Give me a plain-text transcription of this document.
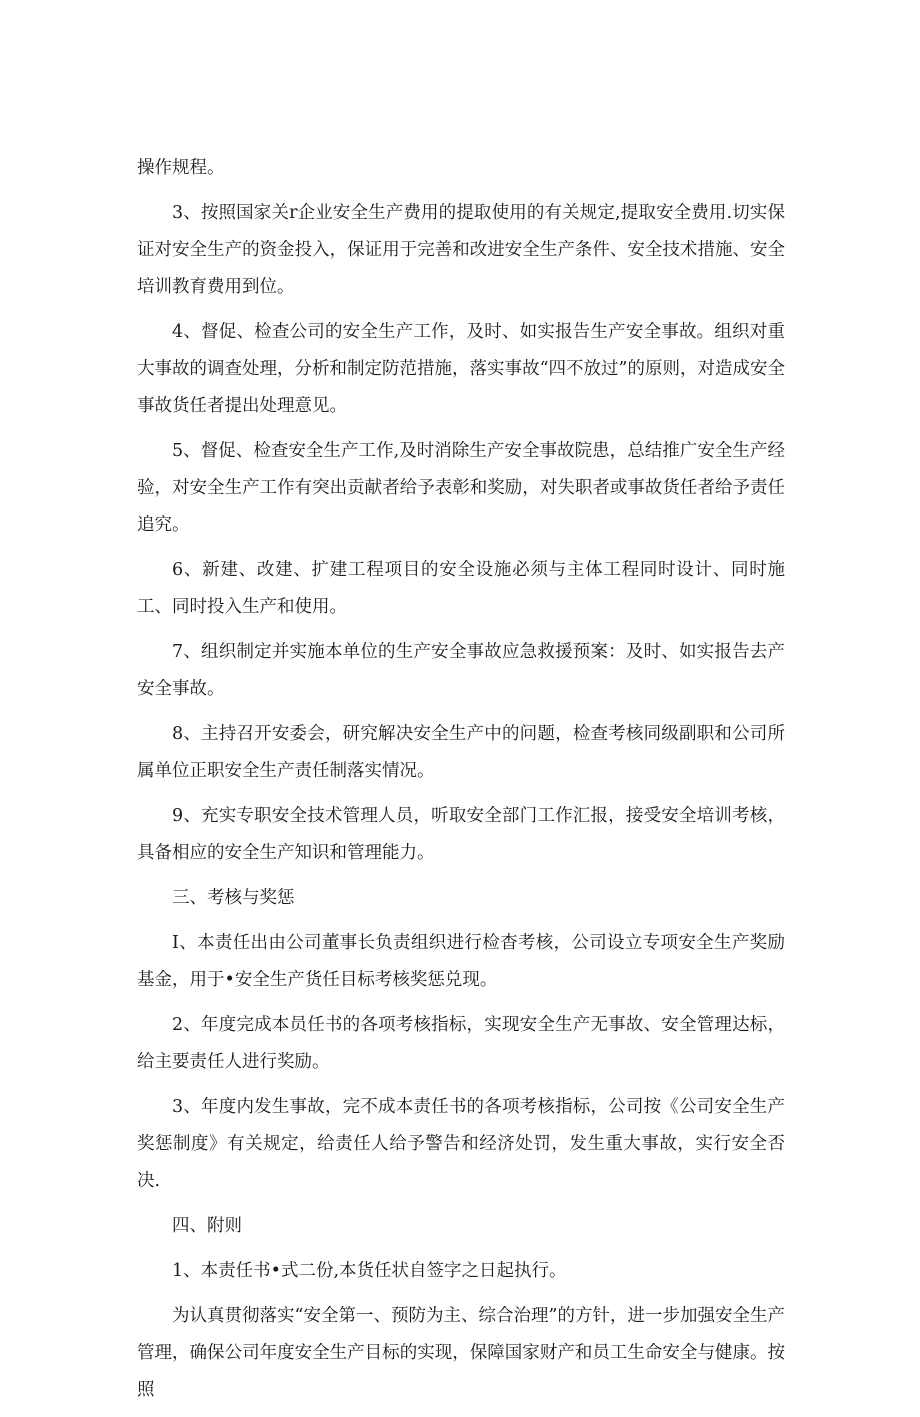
操作规程。

3、按照国家关r企业安全生产费用的提取使用的有关规定,提取安全费用.切实保证对安全生产的资金投入，保证用于完善和改进安全生产条件、安全技术措施、安全培训教育费用到位。

4、督促、检查公司的安全生产工作，及时、如实报告生产安全事故。组织对重大事故的调查处理，分析和制定防范措施，落实事故“四不放过”的原则，对造成安全事故货任者提出处理意见。

5、督促、检查安全生产工作,及时消除生产安全事故院患，总结推广安全生产经验，对安全生产工作有突出贡献者给予表彰和奖励，对失职者或事故货任者给予责任追究。

6、新建、改建、扩建工程项目的安全设施必须与主体工程同时设计、同时施工、同时投入生产和使用。

7、组织制定并实施本单位的生产安全事故应急救援预案：及时、如实报告去产安全事故。

8、主持召开安委会，研究解决安全生产中的问题，检查考核同级副职和公司所属单位正职安全生产责任制落实情况。

9、充实专职安全技术管理人员，听取安全部门工作汇报，接受安全培训考核，具备相应的安全生产知识和管理能力。

三、考核与奖惩

I、本责任出由公司董事长负责组织进行检杳考核，公司设立专项安全生产奖励基金，用于•安全生产货任目标考核奖惩兑现。

2、年度完成本员任书的各项考核指标，实现安全生产无事故、安全管理达标，给主要责任人进行奖励。

3、年度内发生事故，完不成本责任书的各项考核指标，公司按《公司安全生产奖惩制度》有关规定，给责任人给予警告和经济处罚，发生重大事故，实行安全否决.

四、附则

1、本责任书•式二份,本货任状自签字之日起执行。

为认真贯彻落实“安全第一、预防为主、综合治理”的方针，进一步加强安全生产管理，确保公司年度安全生产目标的实现，保障国家财产和员工生命安全与健康。按照
